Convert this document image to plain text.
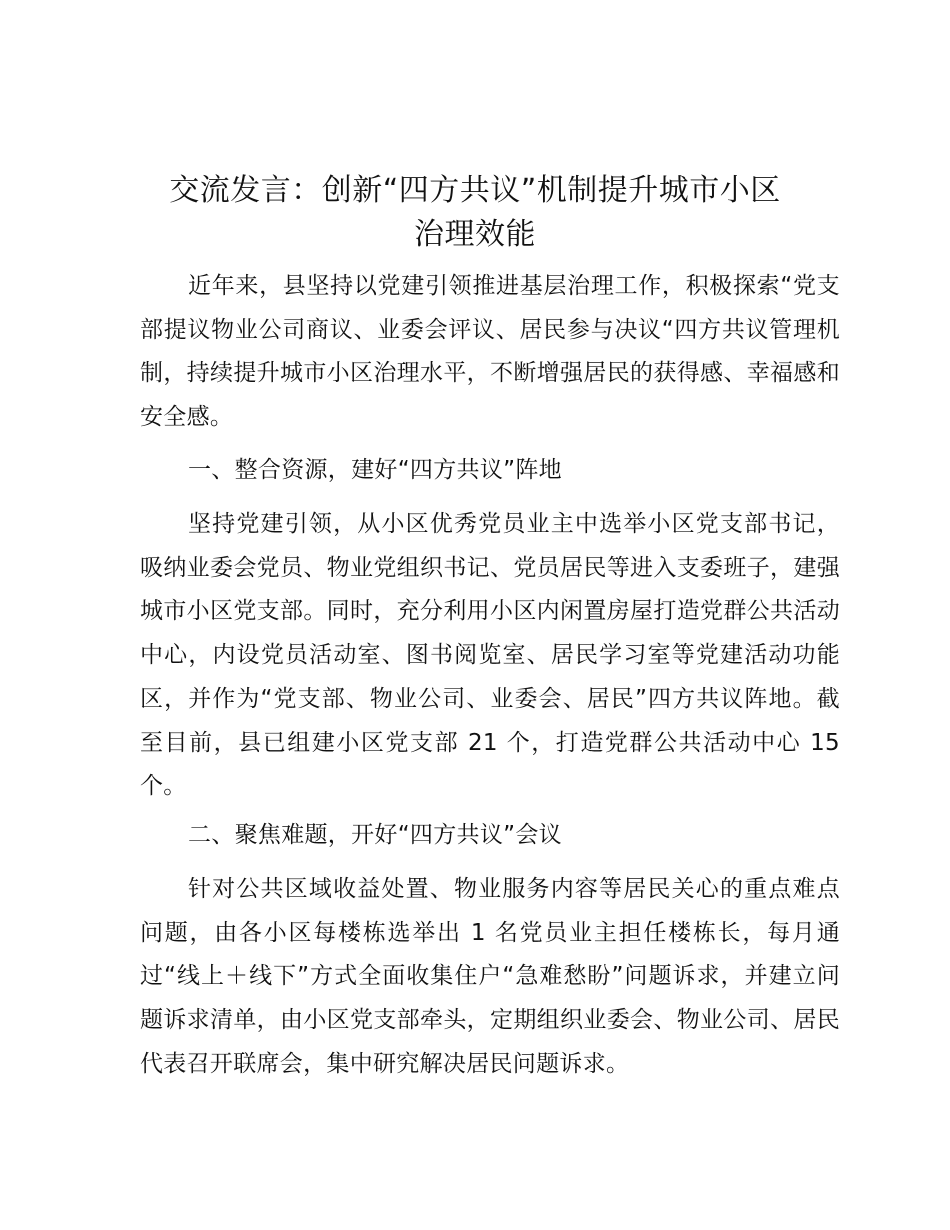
交流发言：创新“四方共议”机制提升城市小区
治理效能

近年来，县坚持以党建引领推进基层治理工作，积极探索“党支部提议物业公司商议、业委会评议、居民参与决议“四方共议管理机制，持续提升城市小区治理水平，不断增强居民的获得感、幸福感和安全感。

一、整合资源，建好“四方共议”阵地

坚持党建引领，从小区优秀党员业主中选举小区党支部书记，吸纳业委会党员、物业党组织书记、党员居民等进入支委班子，建强城市小区党支部。同时，充分利用小区内闲置房屋打造党群公共活动中心，内设党员活动室、图书阅览室、居民学习室等党建活动功能区，并作为“党支部、物业公司、业委会、居民”四方共议阵地。截至目前，县已组建小区党支部 21 个，打造党群公共活动中心 15 个。

二、聚焦难题，开好“四方共议”会议

针对公共区域收益处置、物业服务内容等居民关心的重点难点问题，由各小区每楼栋选举出 1 名党员业主担任楼栋长，每月通过“线上＋线下”方式全面收集住户“急难愁盼”问题诉求，并建立问题诉求清单，由小区党支部牵头，定期组织业委会、物业公司、居民代表召开联席会，集中研究解决居民问题诉求。
